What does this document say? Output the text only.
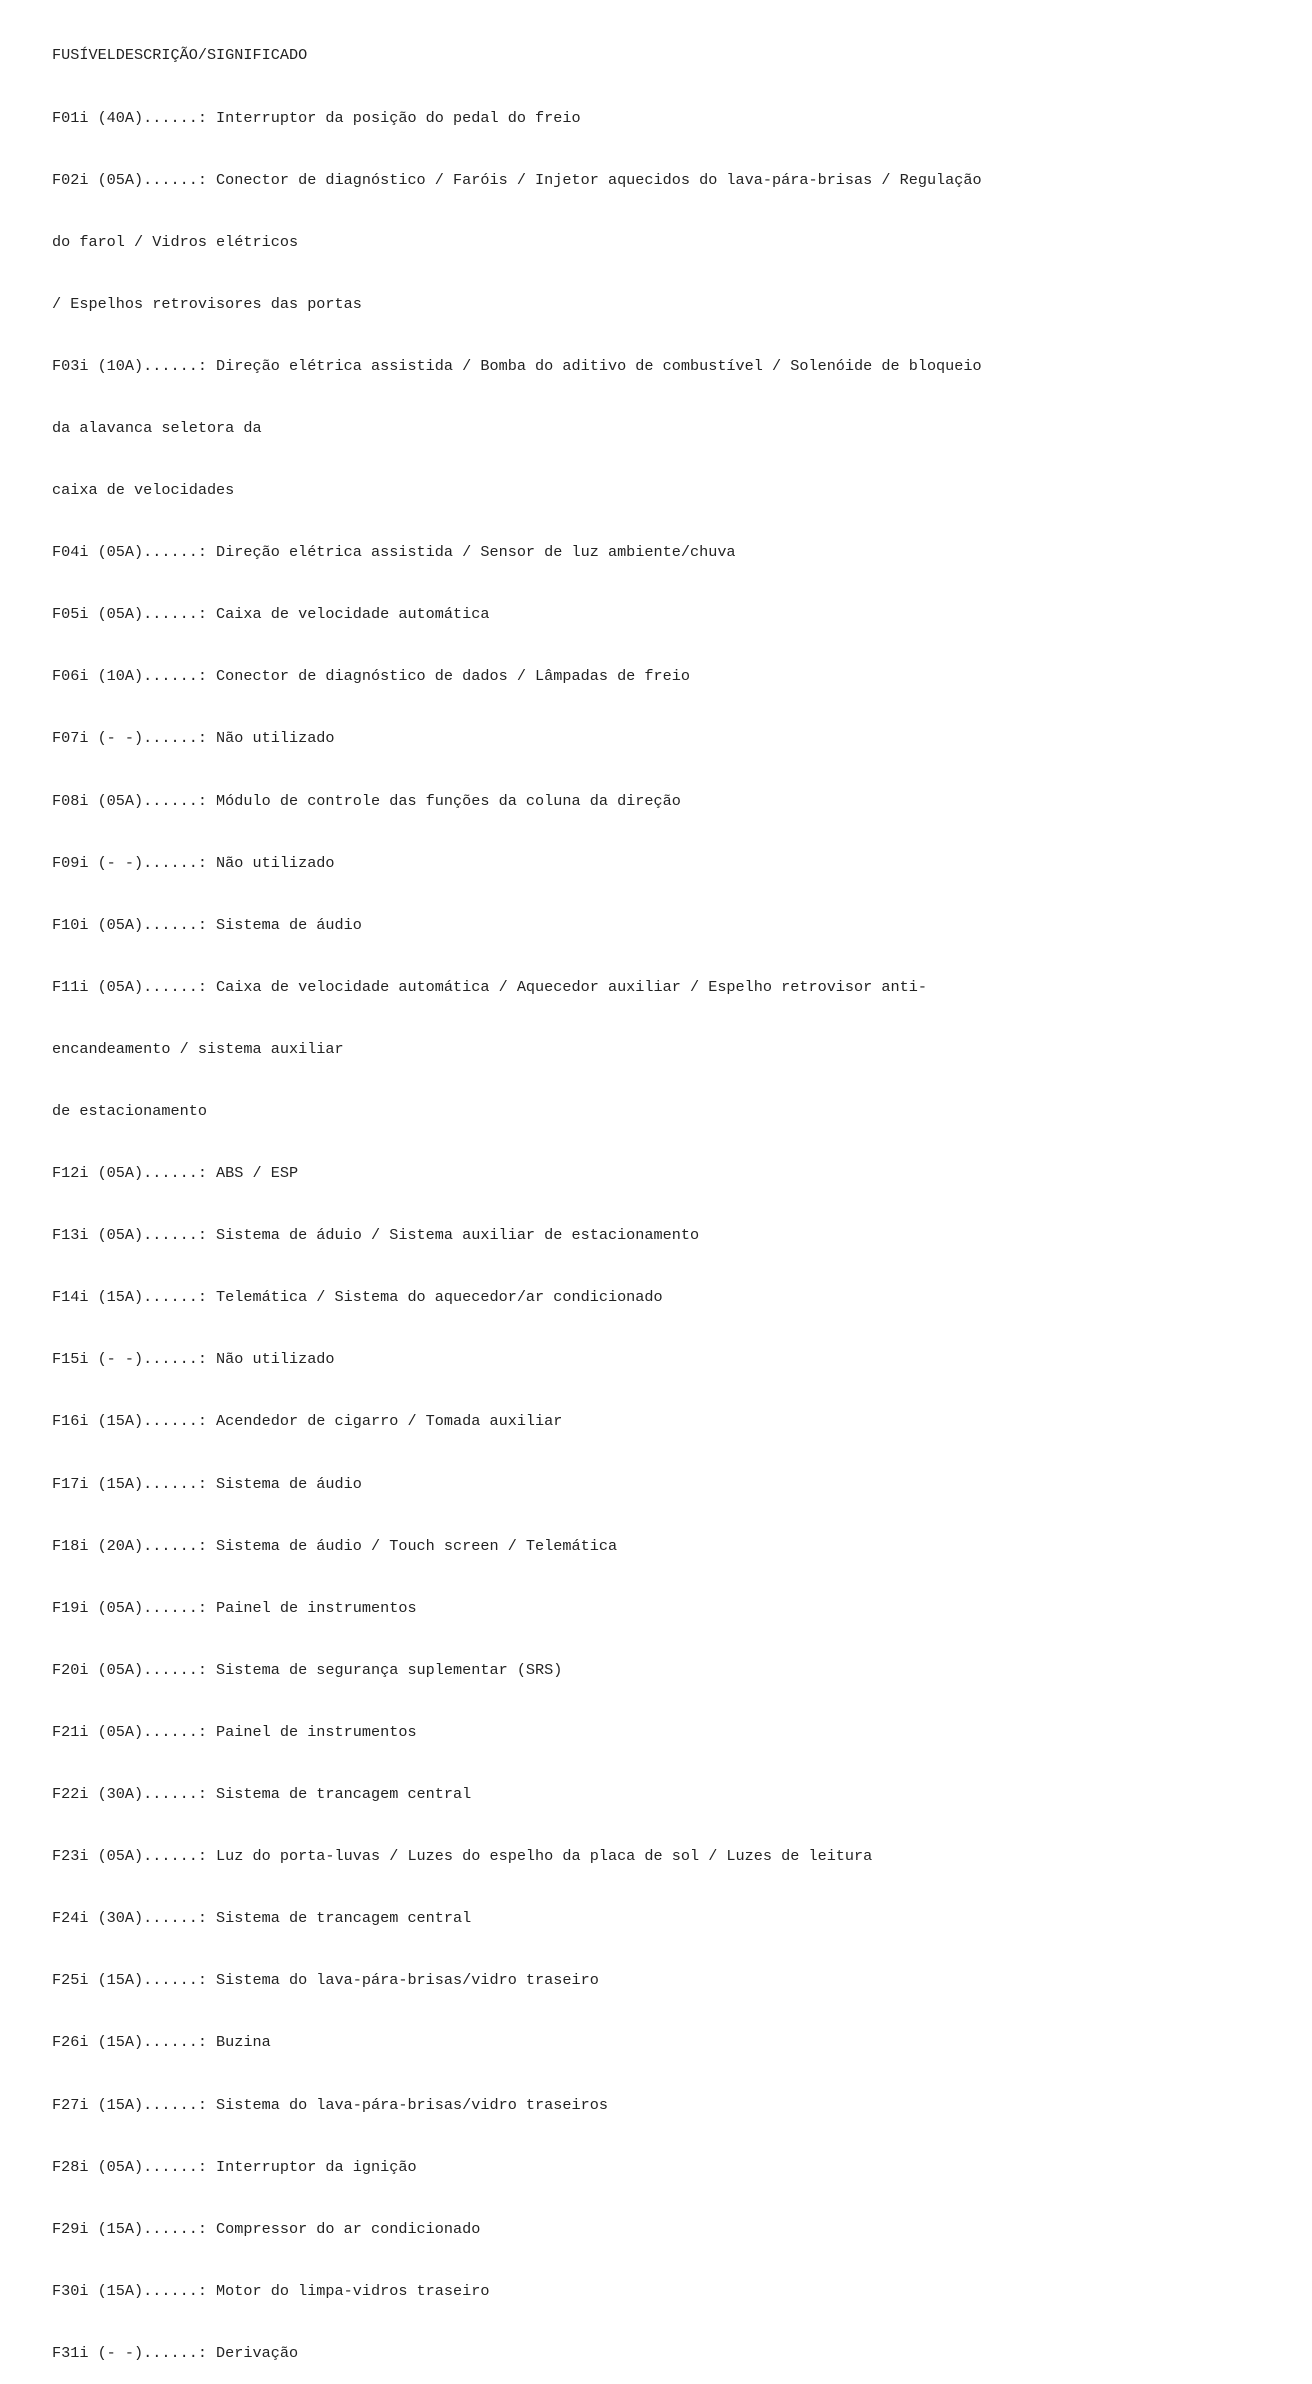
FUSÍVELDESCRIÇÃO/SIGNIFICADO

F01i (40A)......: Interruptor da posição do pedal do freio

F02i (05A)......: Conector de diagnóstico / Faróis / Injetor aquecidos do lava-pára-brisas / Regulação

do farol / Vidros elétricos

/ Espelhos retrovisores das portas

F03i (10A)......: Direção elétrica assistida / Bomba do aditivo de combustível / Solenóide de bloqueio

da alavanca seletora da

caixa de velocidades

F04i (05A)......: Direção elétrica assistida / Sensor de luz ambiente/chuva

F05i (05A)......: Caixa de velocidade automática

F06i (10A)......: Conector de diagnóstico de dados / Lâmpadas de freio

F07i (- -)......: Não utilizado

F08i (05A)......: Módulo de controle das funções da coluna da direção

F09i (- -)......: Não utilizado

F10i (05A)......: Sistema de áudio

F11i (05A)......: Caixa de velocidade automática / Aquecedor auxiliar / Espelho retrovisor anti-

encandeamento / sistema auxiliar

de estacionamento

F12i (05A)......: ABS / ESP

F13i (05A)......: Sistema de áduio / Sistema auxiliar de estacionamento

F14i (15A)......: Telemática / Sistema do aquecedor/ar condicionado

F15i (- -)......: Não utilizado

F16i (15A)......: Acendedor de cigarro / Tomada auxiliar

F17i (15A)......: Sistema de áudio

F18i (20A)......: Sistema de áudio / Touch screen / Telemática

F19i (05A)......: Painel de instrumentos

F20i (05A)......: Sistema de segurança suplementar (SRS)

F21i (05A)......: Painel de instrumentos

F22i (30A)......: Sistema de trancagem central

F23i (05A)......: Luz do porta-luvas / Luzes do espelho da placa de sol / Luzes de leitura

F24i (30A)......: Sistema de trancagem central

F25i (15A)......: Sistema do lava-pára-brisas/vidro traseiro

F26i (15A)......: Buzina

F27i (15A)......: Sistema do lava-pára-brisas/vidro traseiros

F28i (05A)......: Interruptor da ignição

F29i (15A)......: Compressor do ar condicionado

F30i (15A)......: Motor do limpa-vidros traseiro

F31i (- -)......: Derivação
